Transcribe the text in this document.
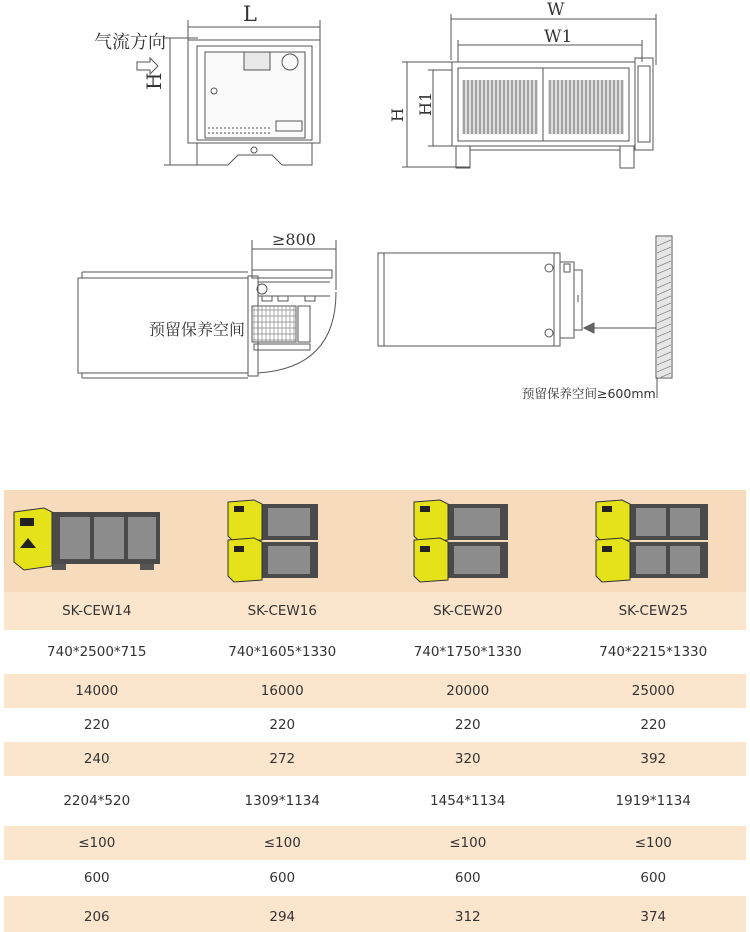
L
气流方向
H
W
W1
H H1
≥800
预留保养空间
预留保养空间≥600mm
SK-CEW14	SK-CEW16	SK-CEW20	SK-CEW25
740*2500*715	740*1605*1330	740*1750*1330	740*2215*1330
14000	16000	20000	25000
220	220	220	220
240	272	320	392
2204*520	1309*1134	1454*1134	1919*1134
≤100	≤100	≤100	≤100
600	600	600	600
206	294	312	374
